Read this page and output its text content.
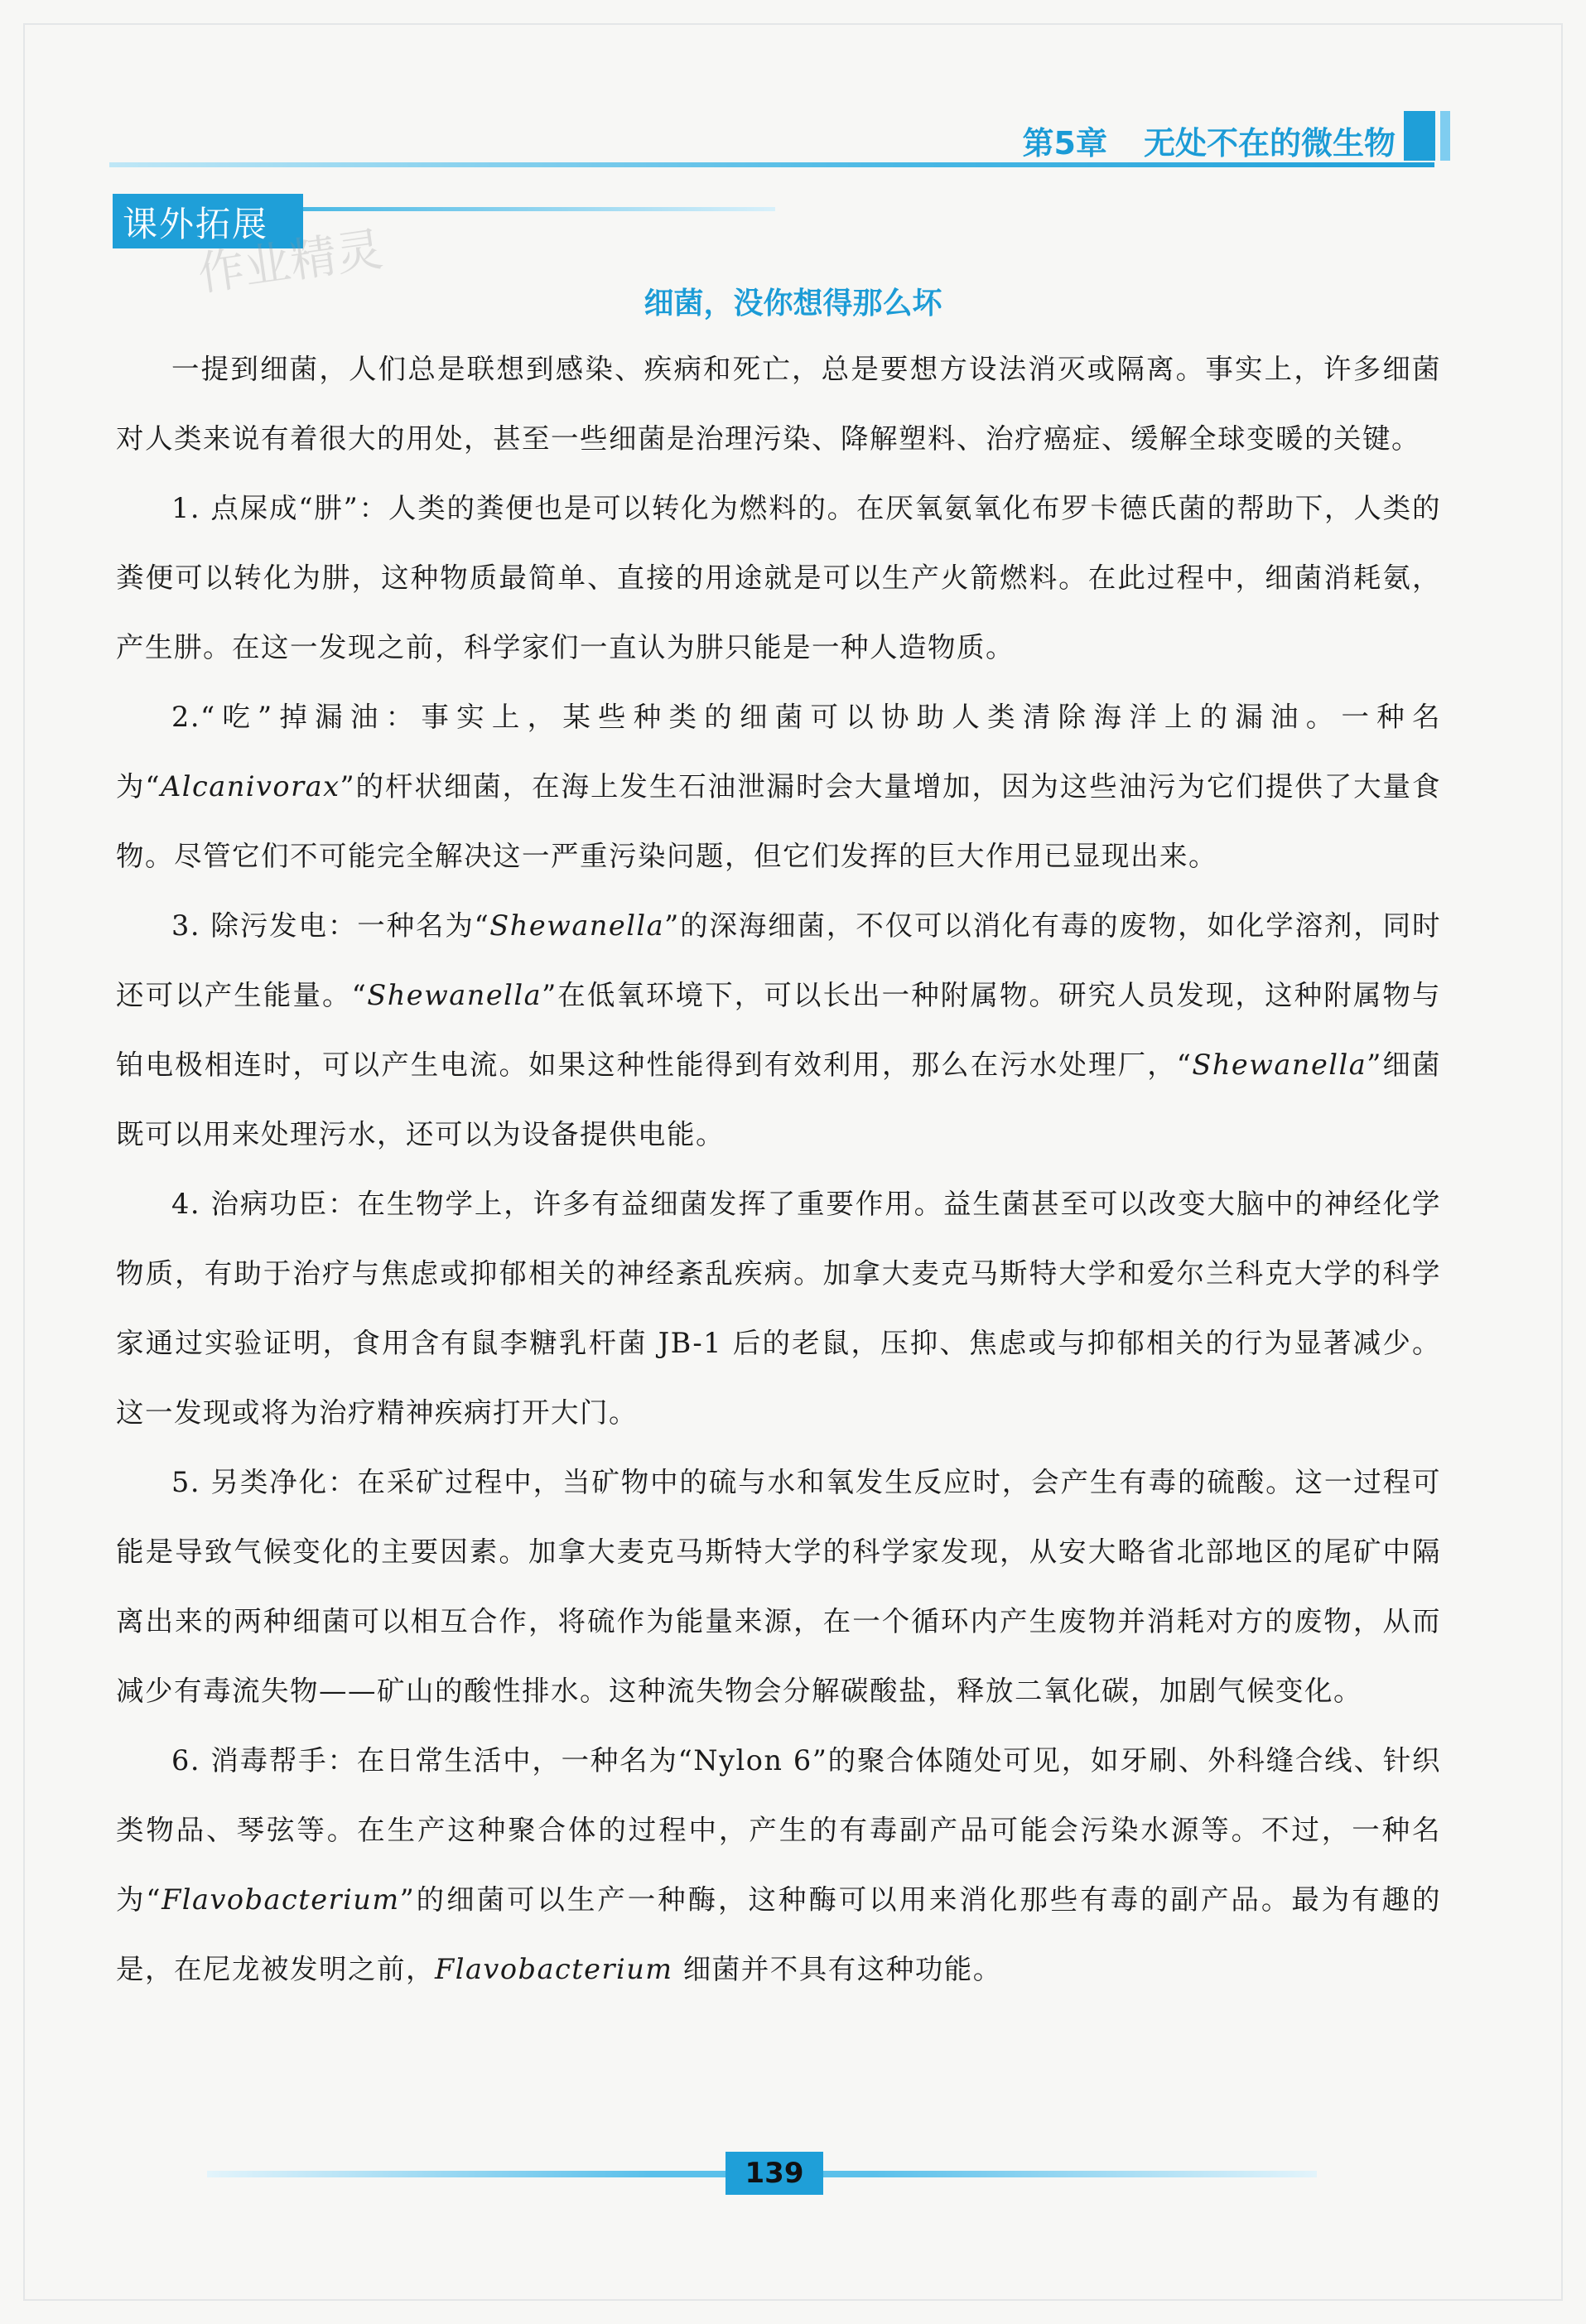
第5章 无处不在的微生物
课外拓展
作业精灵
细菌，没你想得那么坏

一提到细菌，人们总是联想到感染、疾病和死亡，总是要想方设法消灭或隔离。事实上，许多细菌对人类来说有着很大的用处，甚至一些细菌是治理污染、降解塑料、治疗癌症、缓解全球变暖的关键。

1. 点屎成“肼”：人类的粪便也是可以转化为燃料的。在厌氧氨氧化布罗卡德氏菌的帮助下，人类的粪便可以转化为肼，这种物质最简单、直接的用途就是可以生产火箭燃料。在此过程中，细菌消耗氨，产生肼。在这一发现之前，科学家们一直认为肼只能是一种人造物质。

2.“吃”掉漏油：事实上，某些种类的细菌可以协助人类清除海洋上的漏油。一种名为“Alcanivorax”的杆状细菌，在海上发生石油泄漏时会大量增加，因为这些油污为它们提供了大量食物。尽管它们不可能完全解决这一严重污染问题，但它们发挥的巨大作用已显现出来。

3. 除污发电：一种名为“Shewanella”的深海细菌，不仅可以消化有毒的废物，如化学溶剂，同时还可以产生能量。“Shewanella”在低氧环境下，可以长出一种附属物。研究人员发现，这种附属物与铂电极相连时，可以产生电流。如果这种性能得到有效利用，那么在污水处理厂，“Shewanella”细菌既可以用来处理污水，还可以为设备提供电能。

4. 治病功臣：在生物学上，许多有益细菌发挥了重要作用。益生菌甚至可以改变大脑中的神经化学物质，有助于治疗与焦虑或抑郁相关的神经紊乱疾病。加拿大麦克马斯特大学和爱尔兰科克大学的科学家通过实验证明，食用含有鼠李糖乳杆菌 JB-1 后的老鼠，压抑、焦虑或与抑郁相关的行为显著减少。这一发现或将为治疗精神疾病打开大门。

5. 另类净化：在采矿过程中，当矿物中的硫与水和氧发生反应时，会产生有毒的硫酸。这一过程可能是导致气候变化的主要因素。加拿大麦克马斯特大学的科学家发现，从安大略省北部地区的尾矿中隔离出来的两种细菌可以相互合作，将硫作为能量来源，在一个循环内产生废物并消耗对方的废物，从而减少有毒流失物——矿山的酸性排水。这种流失物会分解碳酸盐，释放二氧化碳，加剧气候变化。

6. 消毒帮手：在日常生活中，一种名为“Nylon 6”的聚合体随处可见，如牙刷、外科缝合线、针织类物品、琴弦等。在生产这种聚合体的过程中，产生的有毒副产品可能会污染水源等。不过，一种名为“Flavobacterium”的细菌可以生产一种酶，这种酶可以用来消化那些有毒的副产品。最为有趣的是，在尼龙被发明之前，Flavobacterium 细菌并不具有这种功能。

139
